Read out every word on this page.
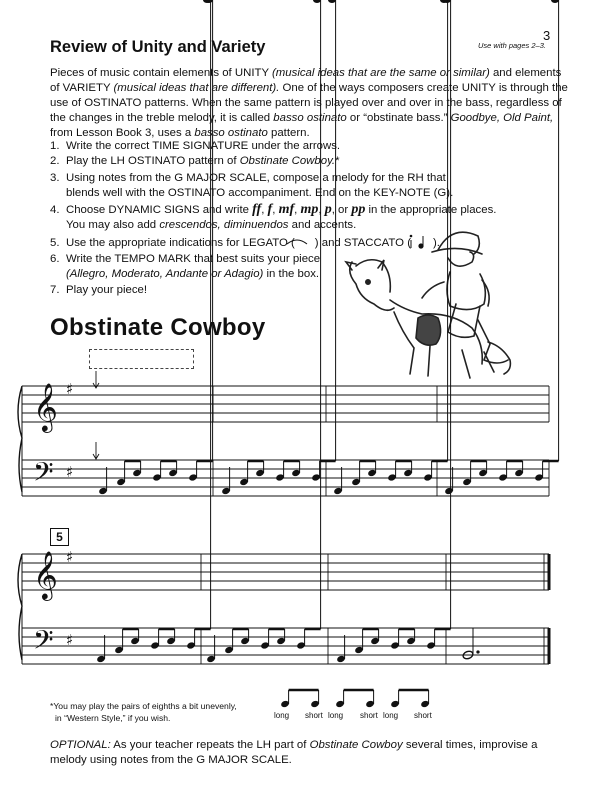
3
Use with pages 2–3.
Review of Unity and Variety
Pieces of music contain elements of UNITY (musical ideas that are the same or similar) and elements of VARIETY (musical ideas that are different). One of the ways composers create UNITY is through the use of OSTINATO patterns. When the same pattern is played over and over in the bass, regardless of the changes in the treble melody, it is called basso ostinato or “obstinate bass.” Goodbye, Old Paint, from Lesson Book 3, uses a basso ostinato pattern.
1. Write the correct TIME SIGNATURE under the arrows.
2. Play the LH OSTINATO pattern of Obstinate Cowboy.*
3. Using notes from the G MAJOR SCALE, compose a melody for the RH that
blends well with the OSTINATO accompaniment. End on the KEY-NOTE (G).
4. Choose DYNAMIC SIGNS and write ff, f, mf, mp, p, or pp in the appropriate places.
You may also add crescendos, diminuendos and accents.
5. Use the appropriate indications for LEGATO ( ) and STACCATO ( ).
6. Write the TEMPO MARK that best suits your piece
(Allegro, Moderato, Andante or Adagio) in the box.
7. Play your piece!
Obstinate Cowboy
5
*You may play the pairs of eighths a bit unevenly,
in “Western Style,” if you wish.	long short long short long short
OPTIONAL: As your teacher repeats the LH part of Obstinate Cowboy several times, improvise a melody using notes from the G MAJOR SCALE.
𝄞
𝄢
𝄞
𝄢
♯
♯
♯
♯
